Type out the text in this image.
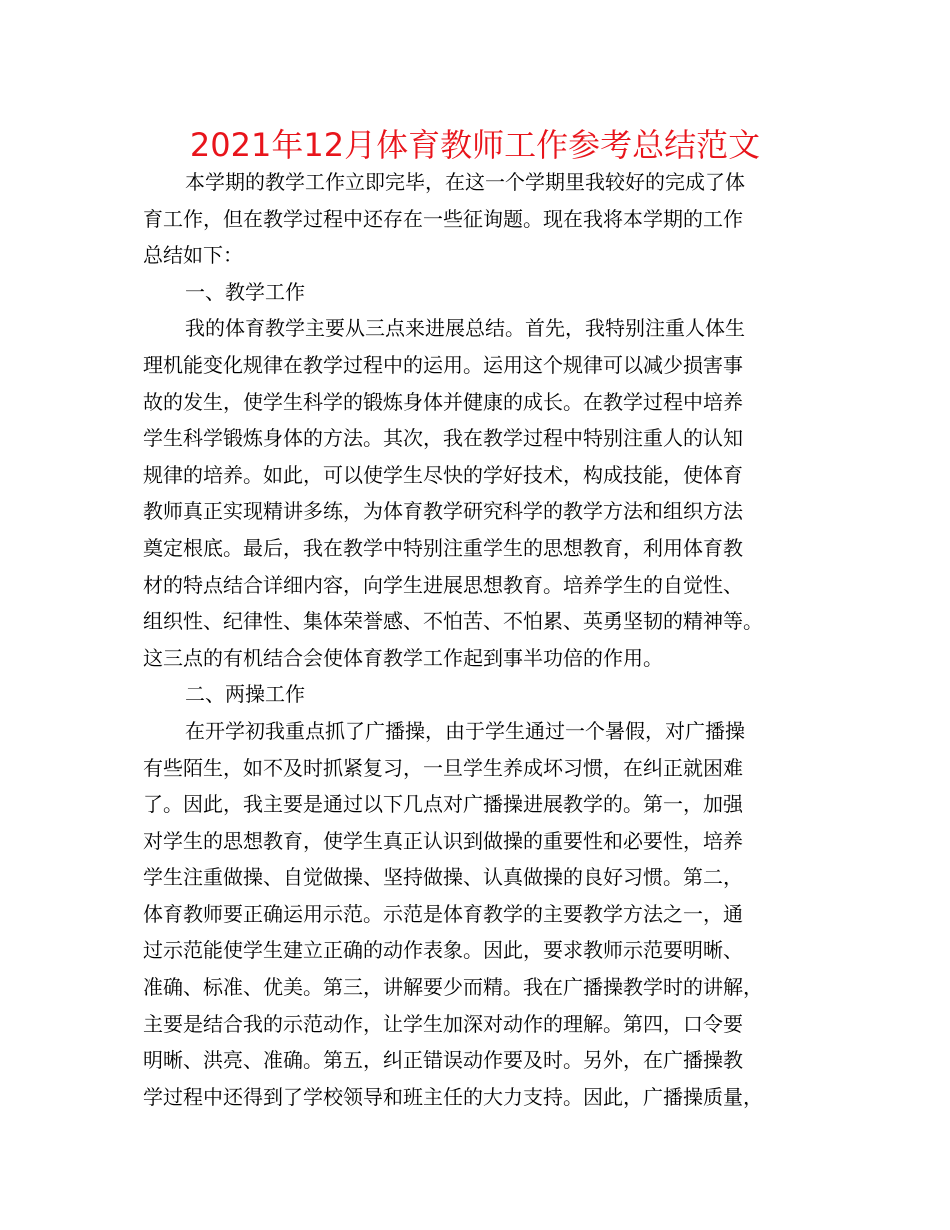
2021年12月体育教师工作参考总结范文
本学期的教学工作立即完毕，在这一个学期里我较好的完成了体
育工作，但在教学过程中还存在一些征询题。现在我将本学期的工作
总结如下：
一、教学工作
我的体育教学主要从三点来进展总结。首先，我特别注重人体生
理机能变化规律在教学过程中的运用。运用这个规律可以减少损害事
故的发生，使学生科学的锻炼身体并健康的成长。在教学过程中培养
学生科学锻炼身体的方法。其次，我在教学过程中特别注重人的认知
规律的培养。如此，可以使学生尽快的学好技术，构成技能，使体育
教师真正实现精讲多练，为体育教学研究科学的教学方法和组织方法
奠定根底。最后，我在教学中特别注重学生的思想教育，利用体育教
材的特点结合详细内容，向学生进展思想教育。培养学生的自觉性、
组织性、纪律性、集体荣誉感、不怕苦、不怕累、英勇坚韧的精神等。
这三点的有机结合会使体育教学工作起到事半功倍的作用。
二、两操工作
在开学初我重点抓了广播操，由于学生通过一个暑假，对广播操
有些陌生，如不及时抓紧复习，一旦学生养成坏习惯，在纠正就困难
了。因此，我主要是通过以下几点对广播操进展教学的。第一，加强
对学生的思想教育，使学生真正认识到做操的重要性和必要性，培养
学生注重做操、自觉做操、坚持做操、认真做操的良好习惯。第二，
体育教师要正确运用示范。示范是体育教学的主要教学方法之一，通
过示范能使学生建立正确的动作表象。因此，要求教师示范要明晰、
准确、标准、优美。第三，讲解要少而精。我在广播操教学时的讲解，
主要是结合我的示范动作，让学生加深对动作的理解。第四，口令要
明晰、洪亮、准确。第五，纠正错误动作要及时。另外，在广播操教
学过程中还得到了学校领导和班主任的大力支持。因此，广播操质量，
